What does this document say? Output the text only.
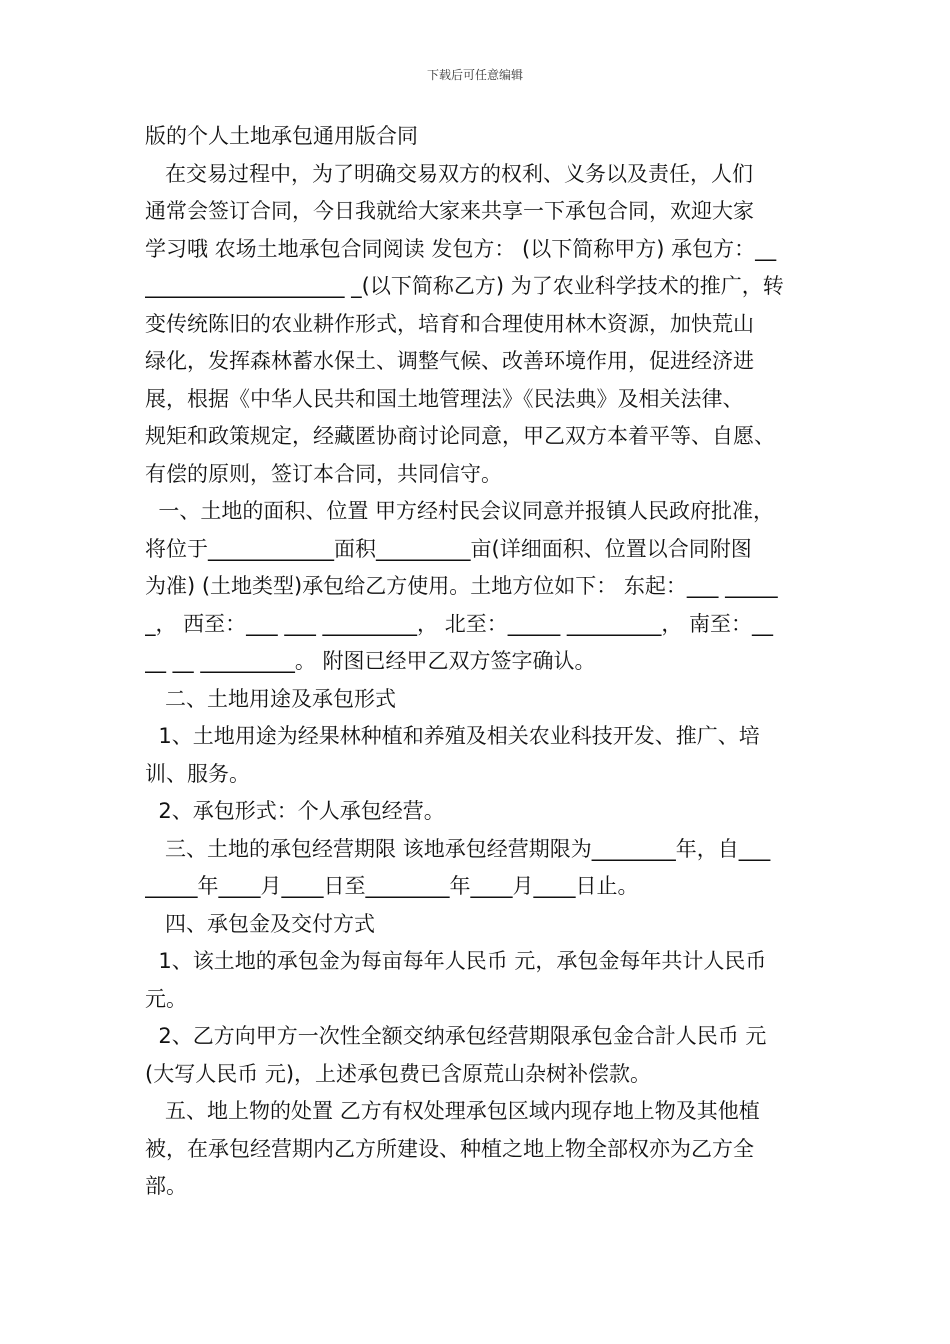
下载后可任意编辑
版的个人土地承包通用版合同
在交易过程中，为了明确交易双方的权利、义务以及责任，人们
通常会签订合同，今日我就给大家来共享一下承包合同，欢迎大家
学习哦 农场土地承包合同阅读 发包方： (以下简称甲方) 承包方：__
___________________ _(以下简称乙方) 为了农业科学技术的推广，转
变传统陈旧的农业耕作形式，培育和合理使用林木资源，加快荒山
绿化，发挥森林蓄水保土、调整气候、改善环境作用，促进经济进
展，根据《中华人民共和国土地管理法》《民法典》及相关法律、
规矩和政策规定，经藏匿协商讨论同意，甲乙双方本着平等、自愿、
有偿的原则，签订本合同，共同信守。
一、土地的面积、位置 甲方经村民会议同意并报镇人民政府批准，
将位于____________面积_________亩(详细面积、位置以合同附图
为准) (土地类型)承包给乙方使用。土地方位如下： 东起：___ _____
_， 西至：___ ___ _________， 北至：_____ _________， 南至：__
__ __ _________。 附图已经甲乙双方签字确认。
二、土地用途及承包形式
1、土地用途为经果林种植和养殖及相关农业科技开发、推广、培
训、服务。
2、承包形式：个人承包经营。
三、土地的承包经营期限 该地承包经营期限为________年，自___
_____年____月____日至________年____月____日止。
四、承包金及交付方式
1、该土地的承包金为每亩每年人民币 元，承包金每年共计人民币
元。
2、乙方向甲方一次性全额交纳承包经营期限承包金合計人民币 元
(大写人民币 元)，上述承包费已含原荒山杂树补偿款。
五、地上物的处置 乙方有权处理承包区域内现存地上物及其他植
被，在承包经营期内乙方所建设、种植之地上物全部权亦为乙方全
部。
